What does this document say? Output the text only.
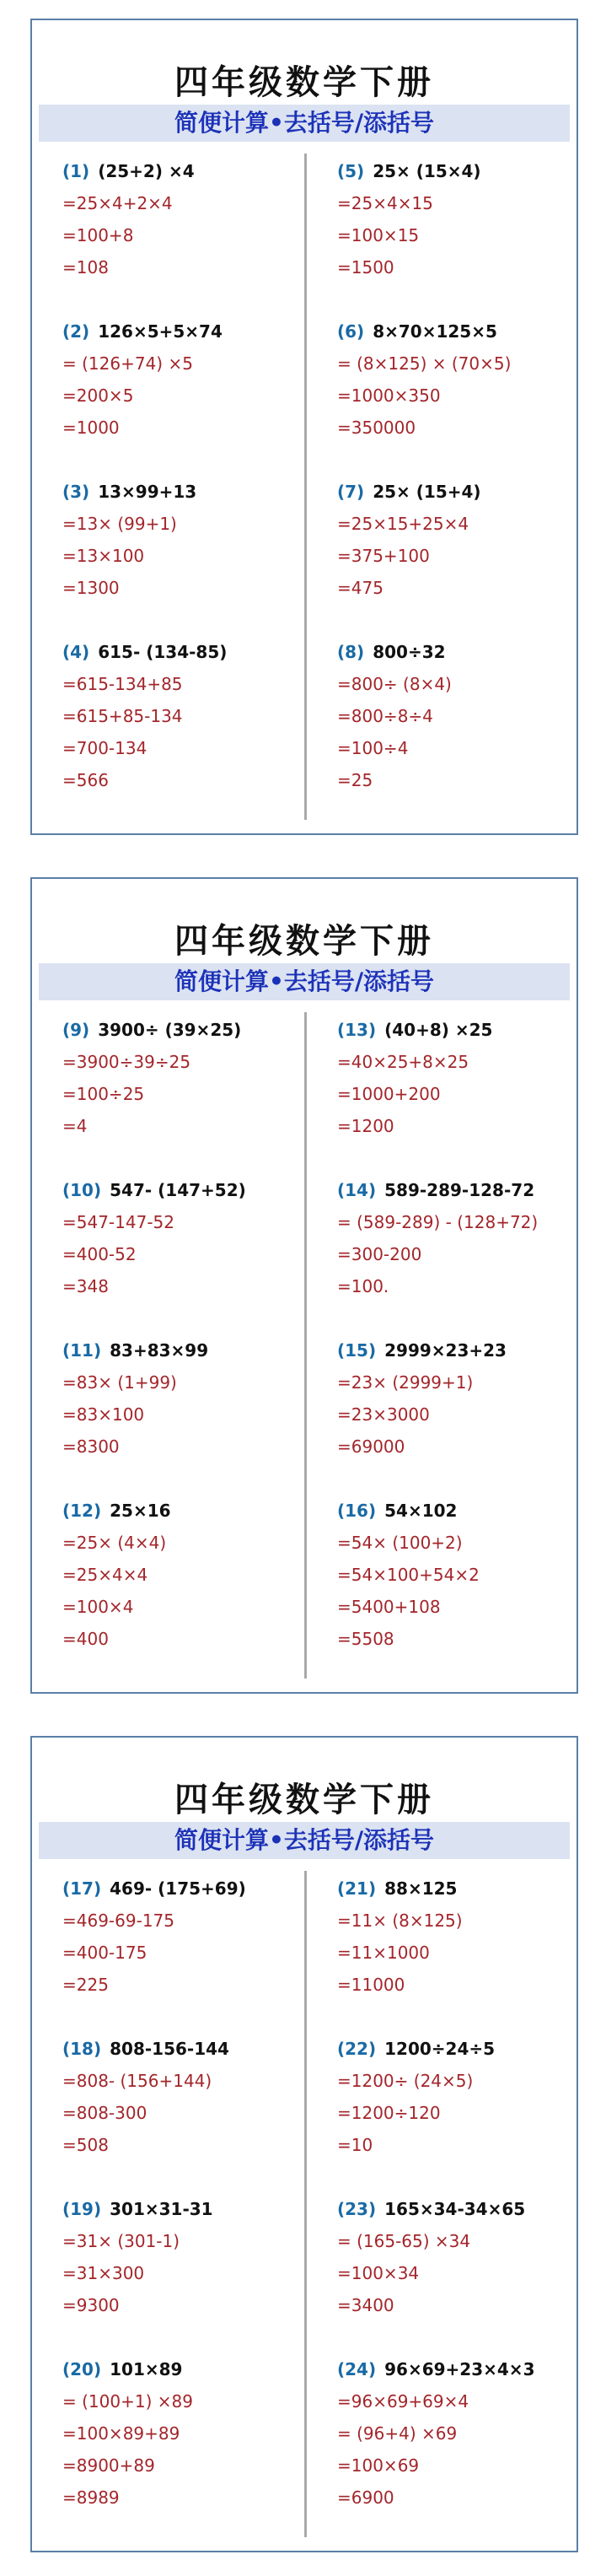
四年级数学下册
简便计算•去括号/添括号
(1) (25+2) ×4
=25×4+2×4
=100+8
=108
(2) 126×5+5×74
= (126+74) ×5
=200×5
=1000
(3) 13×99+13
=13× (99+1)
=13×100
=1300
(4) 615- (134-85)
=615-134+85
=615+85-134
=700-134
=566
(5) 25× (15×4)
=25×4×15
=100×15
=1500
(6) 8×70×125×5
= (8×125) × (70×5)
=1000×350
=350000
(7) 25× (15+4)
=25×15+25×4
=375+100
=475
(8) 800÷32
=800÷ (8×4)
=800÷8÷4
=100÷4
=25
四年级数学下册
简便计算•去括号/添括号
(9) 3900÷ (39×25)
=3900÷39÷25
=100÷25
=4
(10) 547- (147+52)
=547-147-52
=400-52
=348
(11) 83+83×99
=83× (1+99)
=83×100
=8300
(12) 25×16
=25× (4×4)
=25×4×4
=100×4
=400
(13) (40+8) ×25
=40×25+8×25
=1000+200
=1200
(14) 589-289-128-72
= (589-289) - (128+72)
=300-200
=100.
(15) 2999×23+23
=23× (2999+1)
=23×3000
=69000
(16) 54×102
=54× (100+2)
=54×100+54×2
=5400+108
=5508
四年级数学下册
简便计算•去括号/添括号
(17) 469- (175+69)
=469-69-175
=400-175
=225
(18) 808-156-144
=808- (156+144)
=808-300
=508
(19) 301×31-31
=31× (301-1)
=31×300
=9300
(20) 101×89
= (100+1) ×89
=100×89+89
=8900+89
=8989
(21) 88×125
=11× (8×125)
=11×1000
=11000
(22) 1200÷24÷5
=1200÷ (24×5)
=1200÷120
=10
(23) 165×34-34×65
= (165-65) ×34
=100×34
=3400
(24) 96×69+23×4×3
=96×69+69×4
= (96+4) ×69
=100×69
=6900
